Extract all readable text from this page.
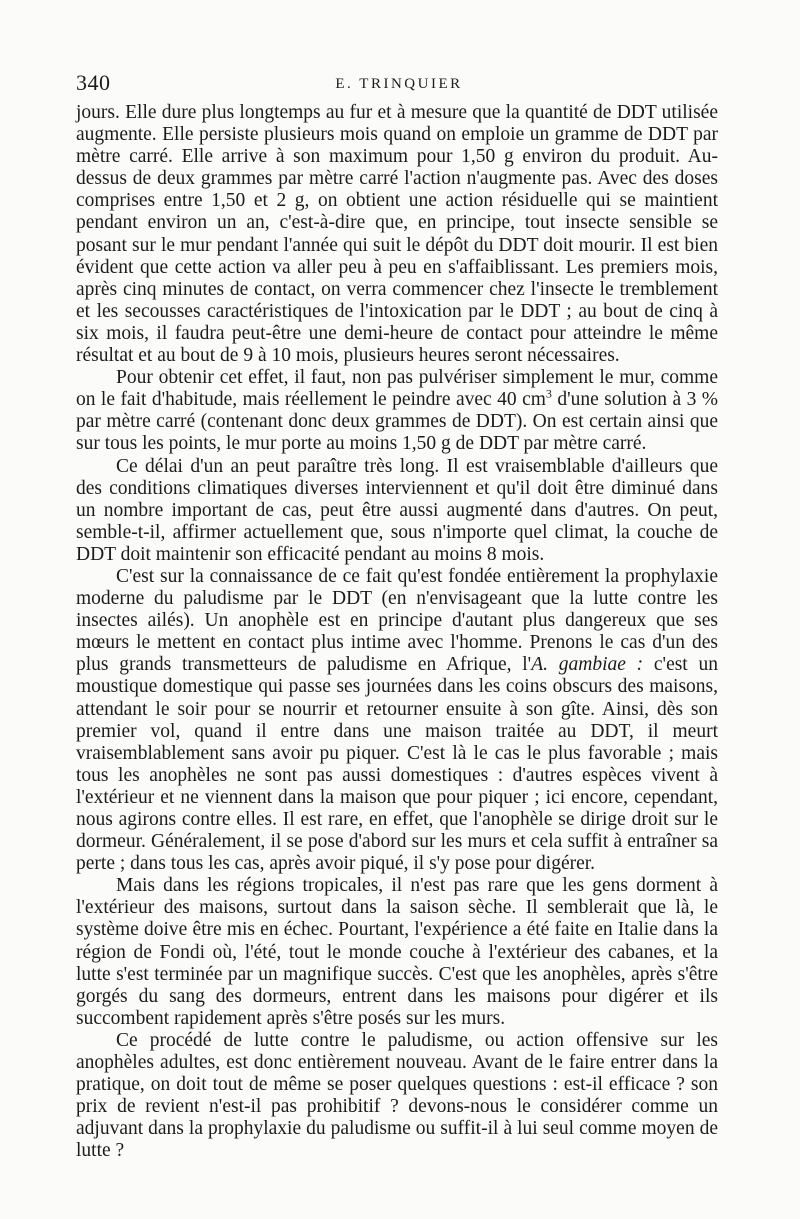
340	E. TRINQUIER

jours. Elle dure plus longtemps au fur et à mesure que la quantité de DDT utilisée augmente. Elle persiste plusieurs mois quand on emploie un gramme de DDT par mètre carré. Elle arrive à son maximum pour 1,50 g environ du produit. Au-dessus de deux grammes par mètre carré l'action n'augmente pas. Avec des doses comprises entre 1,50 et 2 g, on obtient une action résiduelle qui se maintient pendant environ un an, c'est-à-dire que, en principe, tout insecte sensible se posant sur le mur pendant l'année qui suit le dépôt du DDT doit mourir. Il est bien évident que cette action va aller peu à peu en s'affaiblissant. Les premiers mois, après cinq minutes de contact, on verra commencer chez l'insecte le tremblement et les secousses caractéristiques de l'intoxication par le DDT ; au bout de cinq à six mois, il faudra peut-être une demi-heure de contact pour atteindre le même résultat et au bout de 9 à 10 mois, plusieurs heures seront nécessaires.

Pour obtenir cet effet, il faut, non pas pulvériser simplement le mur, comme on le fait d'habitude, mais réellement le peindre avec 40 $cm^3$ d'une solution à 3 % par mètre carré (contenant donc deux grammes de DDT). On est certain ainsi que sur tous les points, le mur porte au moins 1,50 g de DDT par mètre carré.

Ce délai d'un an peut paraître très long. Il est vraisemblable d'ailleurs que des conditions climatiques diverses interviennent et qu'il doit être diminué dans un nombre important de cas, peut être aussi augmenté dans d'autres. On peut, semble-t-il, affirmer actuellement que, sous n'importe quel climat, la couche de DDT doit maintenir son efficacité pendant au moins 8 mois.

C'est sur la connaissance de ce fait qu'est fondée entièrement la prophylaxie moderne du paludisme par le DDT (en n'envisageant que la lutte contre les insectes ailés). Un anophèle est en principe d'autant plus dangereux que ses mœurs le mettent en contact plus intime avec l'homme. Prenons le cas d'un des plus grands transmetteurs de paludisme en Afrique, l'A. gambiae : c'est un moustique domestique qui passe ses journées dans les coins obscurs des maisons, attendant le soir pour se nourrir et retourner ensuite à son gîte. Ainsi, dès son premier vol, quand il entre dans une maison traitée au DDT, il meurt vraisemblablement sans avoir pu piquer. C'est là le cas le plus favorable ; mais tous les anophèles ne sont pas aussi domestiques : d'autres espèces vivent à l'extérieur et ne viennent dans la maison que pour piquer ; ici encore, cependant, nous agirons contre elles. Il est rare, en effet, que l'anophèle se dirige droit sur le dormeur. Généralement, il se pose d'abord sur les murs et cela suffit à entraîner sa perte ; dans tous les cas, après avoir piqué, il s'y pose pour digérer.

Mais dans les régions tropicales, il n'est pas rare que les gens dorment à l'extérieur des maisons, surtout dans la saison sèche. Il semblerait que là, le système doive être mis en échec. Pourtant, l'expérience a été faite en Italie dans la région de Fondi où, l'été, tout le monde couche à l'extérieur des cabanes, et la lutte s'est terminée par un magnifique succès. C'est que les anophèles, après s'être gorgés du sang des dormeurs, entrent dans les maisons pour digérer et ils succombent rapidement après s'être posés sur les murs.

Ce procédé de lutte contre le paludisme, ou action offensive sur les anophèles adultes, est donc entièrement nouveau. Avant de le faire entrer dans la pratique, on doit tout de même se poser quelques questions : est-il efficace ? son prix de revient n'est-il pas prohibitif ? devons-nous le considérer comme un adjuvant dans la prophylaxie du paludisme ou suffit-il à lui seul comme moyen de lutte ?
